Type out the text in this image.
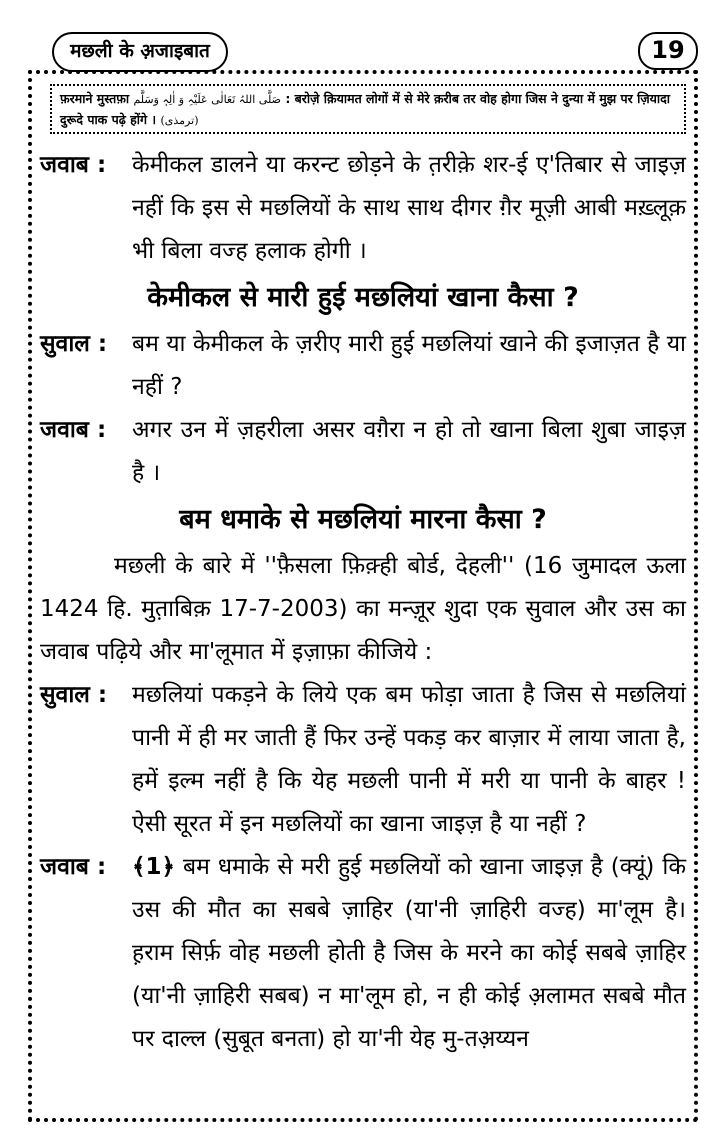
मछली के अ़जाइबात	19
फ़रमाने मुस्तफ़ा صَلَّی اللہُ تَعَالٰی عَلَیْہِ وَ اٰلِہٖ وَسَلَّم : बरोज़े क़ियामत लोगों में से मेरे क़रीब तर वोह होगा जिस ने दुन्या में मुझ पर ज़ियादा दुरूदे पाक पढ़े होंगे । (ترمذی)
जवाब :	केमीकल डालने या करन्ट छोड़ने के त़रीक़े शर-ई ए'तिबार से जाइज़ नहीं कि इस से मछलियों के साथ साथ दीगर ग़ैर मूज़ी आबी मख़्लूक़ भी बिला वज्ह हलाक होगी ।
केमीकल से मारी हुई मछलियां खाना कैसा ?
सुवाल :	बम या केमीकल के ज़रीए मारी हुई मछलियां खाने की इजाज़त है या नहीं ?
जवाब :	अगर उन में ज़हरीला असर वग़ैरा न हो तो खाना बिला शुबा जाइज़ है ।
बम धमाके से मछलियां मारना कैसा ?
मछली के बारे में ''फ़ैसला फ़िक़्ही बोर्ड, देहली'' (16 जुमादल ऊला 1424 हि. मुत़ाबिक़ 17-7-2003) का मन्ज़ूर शुदा एक सुवाल और उस का जवाब पढ़िये और मा'लूमात में इज़ाफ़ा कीजिये :
सुवाल :	मछलियां पकड़ने के लिये एक बम फोड़ा जाता है जिस से मछलियां पानी में ही मर जाती हैं फिर उन्हें पकड़ कर बाज़ार में लाया जाता है, हमें इल्म नहीं है कि येह मछली पानी में मरी या पानी के बाहर ! ऐसी सूरत में इन मछलियों का खाना जाइज़ है या नहीं ?
जवाब :	﴾1﴿ बम धमाके से मरी हुई मछलियों को खाना जाइज़ है (क्यूं) कि उस की मौत का सबबे ज़ाहिर (या'नी ज़ाहिरी वज्ह) मा'लूम है। ह़राम सिर्फ़ वोह मछली होती है जिस के मरने का कोई सबबे ज़ाहिर (या'नी ज़ाहिरी सबब) न मा'लूम हो, न ही कोई अ़लामत सबबे मौत पर दाल्ल (सुबूत बनता) हो या'नी येह मु-तअ़य्यन
